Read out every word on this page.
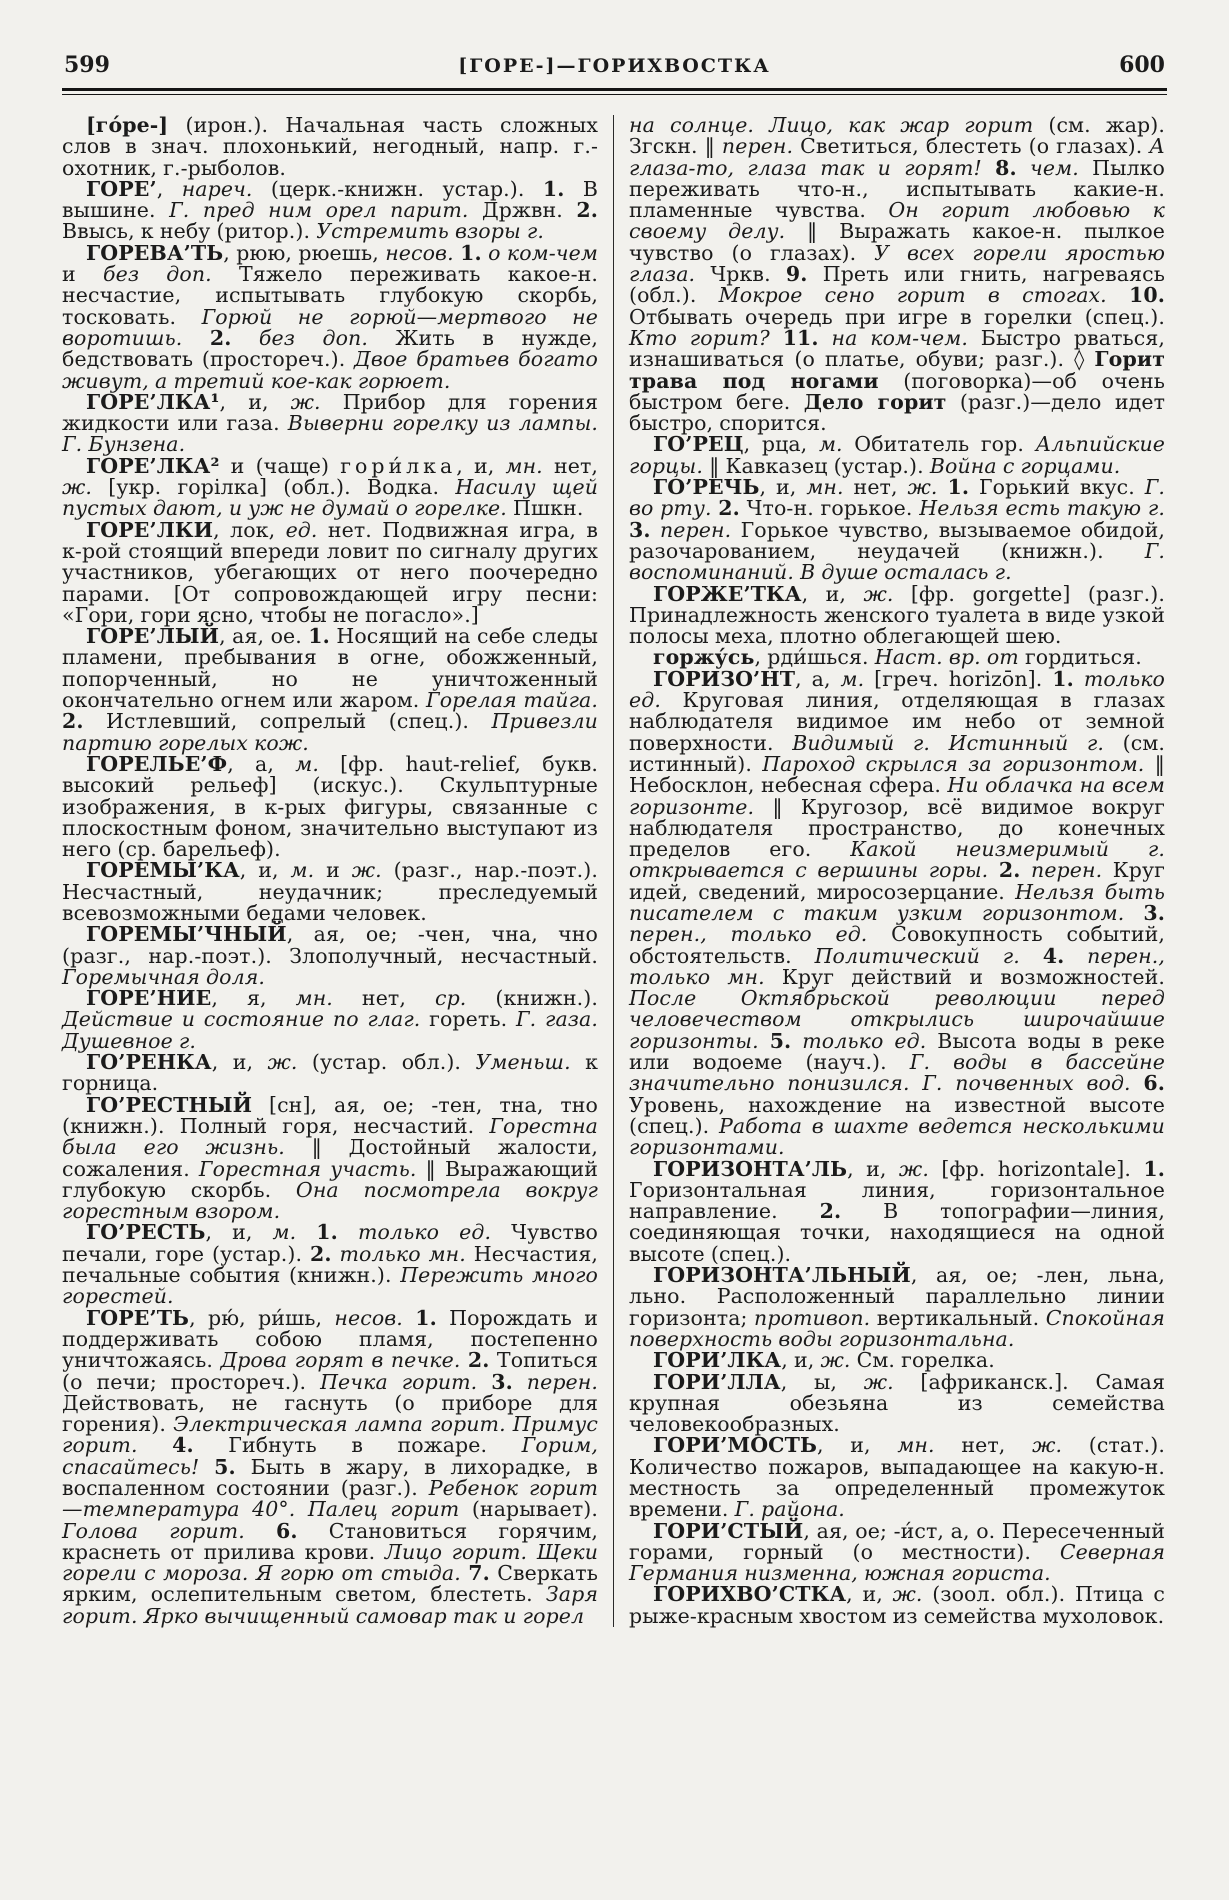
599	[ГОРЕ-]—ГОРИХВОСТКА	600

[гóре-] (ирон.). Начальная часть сложных слов в знач. плохонький, негодный, напр. г.-охотник, г.-рыболов.

ГОРЕ’, нареч. (церк.-книжн. устар.). 1. В вышине. Г. пред ним орел парит. Држвн. 2. Ввысь, к небу (ритор.). Устремить взоры г.

ГОРЕВА’ТЬ, рюю, рюешь, несов. 1. о ком-чем и без доп. Тяжело переживать какое-н. несчастие, испытывать глубокую скорбь, тосковать. Горюй не горюй—мертвого не воротишь. 2. без доп. Жить в нужде, бедствовать (простореч.). Двое братьев богато живут, а третий кое-как горюет.

ГОРЕ’ЛКА¹, и, ж. Прибор для горения жидкости или газа. Выверни горелку из лампы. Г. Бунзена.

ГОРЕ’ЛКА² и (чаще) гори́лка, и, мн. нет, ж. [укр. горілка] (обл.). Водка. Насилу щей пустых дают, и уж не думай о горелке. Пшкн.

ГОРЕ’ЛКИ, лок, ед. нет. Подвижная игра, в к-рой стоящий впереди ловит по сигналу других участников, убегающих от него поочередно парами. [От сопровождающей игру песни: «Гори, гори ясно, чтобы не погасло».]

ГОРЕ’ЛЫЙ, ая, ое. 1. Носящий на себе следы пламени, пребывания в огне, обожженный, попорченный, но не уничтоженный окончательно огнем или жаром. Горелая тайга. 2. Истлевший, сопрелый (спец.). Привезли партию горелых кож.

ГОРЕЛЬЕ’Ф, а, м. [фр. haut-relief, букв. высокий рельеф] (искус.). Скульптурные изображения, в к-рых фигуры, связанные с плоскостным фоном, значительно выступают из него (ср. барельеф).

ГОРЕМЫ’КА, и, м. и ж. (разг., нар.-поэт.). Несчастный, неудачник; преследуемый всевозможными бедами человек.

ГОРЕМЫ’ЧНЫЙ, ая, ое; -чен, чна, чно (разг., нар.-поэт.). Злополучный, несчастный. Горемычная доля.

ГОРЕ’НИЕ, я, мн. нет, ср. (книжн.). Действие и состояние по глаг. гореть. Г. газа. Душевное г.

ГО’РЕНКА, и, ж. (устар. обл.). Уменьш. к горница.

ГО’РЕСТНЫЙ [сн], ая, ое; -тен, тна, тно (книжн.). Полный горя, несчастий. Горестна была его жизнь. ‖ Достойный жалости, сожаления. Горестная участь. ‖ Выражающий глубокую скорбь. Она посмотрела вокруг горестным взором.

ГО’РЕСТЬ, и, м. 1. только ед. Чувство печали, горе (устар.). 2. только мн. Несчастия, печальные события (книжн.). Пережить много горестей.

ГОРЕ’ТЬ, рю́, ри́шь, несов. 1. Порождать и поддерживать собою пламя, постепенно уничтожаясь. Дрова горят в печке. 2. Топиться (о печи; простореч.). Печка горит. 3. перен. Действовать, не гаснуть (о приборе для горения). Электрическая лампа горит. Примус горит. 4. Гибнуть в пожаре. Горим, спасайтесь! 5. Быть в жару, в лихорадке, в воспаленном состоянии (разг.). Ребенок горит—температура 40°. Палец горит (нарывает). Голова горит. 6. Становиться горячим, краснеть от прилива крови. Лицо горит. Щеки горели с мороза. Я горю от стыда. 7. Сверкать ярким, ослепительным светом, блестеть. Заря горит. Ярко вычищенный самовар так и горел

на солнце. Лицо, как жар горит (см. жар). Згскн. ‖ перен. Светиться, блестеть (о глазах). А глаза-то, глаза так и горят! 8. чем. Пылко переживать что-н., испытывать какие-н. пламенные чувства. Он горит любовью к своему делу. ‖ Выражать какое-н. пылкое чувство (о глазах). У всех горели яростью глаза. Чркв. 9. Преть или гнить, нагреваясь (обл.). Мокрое сено горит в стогах. 10. Отбывать очередь при игре в горелки (спец.). Кто горит? 11. на ком-чем. Быстро рваться, изнашиваться (о платье, обуви; разг.). ◊ Горит трава под ногами (поговорка)—об очень быстром беге. Дело горит (разг.)—дело идет быстро, спорится.

ГО’РЕЦ, рца, м. Обитатель гор. Альпийские горцы. ‖ Кавказец (устар.). Война с горцами.

ГО’РЕЧЬ, и, мн. нет, ж. 1. Горький вкус. Г. во рту. 2. Что-н. горькое. Нельзя есть такую г. 3. перен. Горькое чувство, вызываемое обидой, разочарованием, неудачей (книжн.). Г. воспоминаний. В душе осталась г.

ГОРЖЕ’ТКА, и, ж. [фр. gorgette] (разг.). Принадлежность женского туалета в виде узкой полосы меха, плотно облегающей шею.

горжу́сь, рди́шься. Наст. вр. от гордиться.

ГОРИЗО’НТ, а, м. [греч. horizōn]. 1. только ед. Круговая линия, отделяющая в глазах наблюдателя видимое им небо от земной поверхности. Видимый г. Истинный г. (см. истинный). Пароход скрылся за горизонтом. ‖ Небосклон, небесная сфера. Ни облачка на всем горизонте. ‖ Кругозор, всё видимое вокруг наблюдателя пространство, до конечных пределов его. Какой неизмеримый г. открывается с вершины горы. 2. перен. Круг идей, сведений, миросозерцание. Нельзя быть писателем с таким узким горизонтом. 3. перен., только ед. Совокупность событий, обстоятельств. Политический г. 4. перен., только мн. Круг действий и возможностей. После Октябрьской революции перед человечеством открылись широчайшие горизонты. 5. только ед. Высота воды в реке или водоеме (науч.). Г. воды в бассейне значительно понизился. Г. почвенных вод. 6. Уровень, нахождение на известной высоте (спец.). Работа в шахте ведется несколькими горизонтами.

ГОРИЗОНТА’ЛЬ, и, ж. [фр. horizontale]. 1. Горизонтальная линия, горизонтальное направление. 2. В топографии—линия, соединяющая точки, находящиеся на одной высоте (спец.).

ГОРИЗОНТА’ЛЬНЫЙ, ая, ое; -лен, льна, льно. Расположенный параллельно линии горизонта; противоп. вертикальный. Спокойная поверхность воды горизонтальна.

ГОРИ’ЛКА, и, ж. См. горелка.

ГОРИ’ЛЛА, ы, ж. [африканск.]. Самая крупная обезьяна из семейства человекообразных.

ГОРИ’МОСТЬ, и, мн. нет, ж. (стат.). Количество пожаров, выпадающее на какую-н. местность за определенный промежуток времени. Г. района.

ГОРИ’СТЫЙ, ая, ое; -и́ст, а, о. Пересеченный горами, горный (о местности). Северная Германия низменна, южная гориста.

ГОРИХВО’СТКА, и, ж. (зоол. обл.). Птица с рыже-красным хвостом из семейства мухоловок.
